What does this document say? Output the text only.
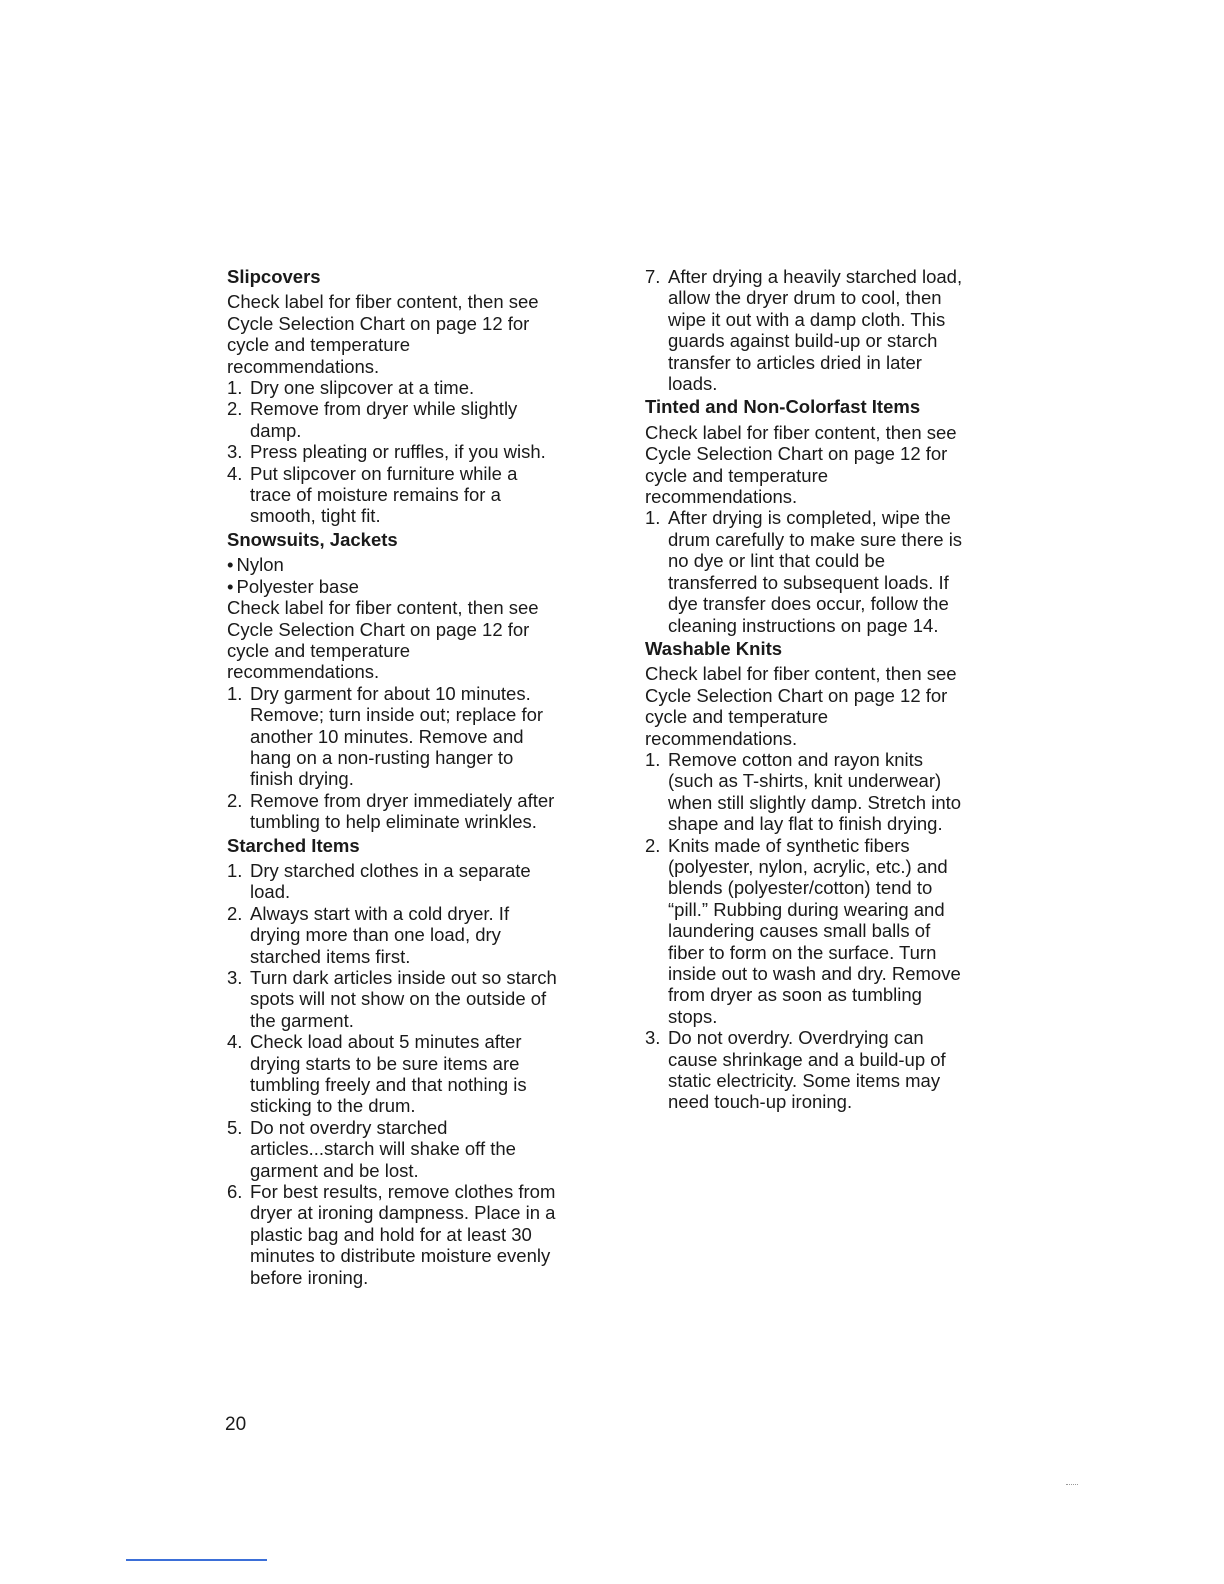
Slipcovers

Check label for fiber content, then see Cycle Selection Chart on page 12 for cycle and temperature recommendations.

1. Dry one slipcover at a time.
2. Remove from dryer while slightly damp.
3. Press pleating or ruffles, if you wish.
4. Put slipcover on furniture while a trace of moisture remains for a smooth, tight fit.
Snowsuits, Jackets
• Nylon
• Polyester base

Check label for fiber content, then see Cycle Selection Chart on page 12 for cycle and temperature recommendations.

1. Dry garment for about 10 minutes. Remove; turn inside out; replace for another 10 minutes. Remove and hang on a non-rusting hanger to finish drying.
2. Remove from dryer immediately after tumbling to help eliminate wrinkles.
Starched Items
1. Dry starched clothes in a separate load.
2. Always start with a cold dryer. If drying more than one load, dry starched items first.
3. Turn dark articles inside out so starch spots will not show on the outside of the garment.
4. Check load about 5 minutes after drying starts to be sure items are tumbling freely and that nothing is sticking to the drum.
5. Do not overdry starched articles...starch will shake off the garment and be lost.
6. For best results, remove clothes from dryer at ironing dampness. Place in a plastic bag and hold for at least 30 minutes to distribute moisture evenly before ironing.
7. After drying a heavily starched load, allow the dryer drum to cool, then wipe it out with a damp cloth. This guards against build-up or starch transfer to articles dried in later loads.
Tinted and Non-Colorfast Items

Check label for fiber content, then see Cycle Selection Chart on page 12 for cycle and temperature recommendations.

1. After drying is completed, wipe the drum carefully to make sure there is no dye or lint that could be transferred to subsequent loads. If dye transfer does occur, follow the cleaning instructions on page 14.
Washable Knits

Check label for fiber content, then see Cycle Selection Chart on page 12 for cycle and temperature recommendations.

1. Remove cotton and rayon knits (such as T-shirts, knit underwear) when still slightly damp. Stretch into shape and lay flat to finish drying.
2. Knits made of synthetic fibers (polyester, nylon, acrylic, etc.) and blends (polyester/cotton) tend to “pill.” Rubbing during wearing and laundering causes small balls of fiber to form on the surface. Turn inside out to wash and dry. Remove from dryer as soon as tumbling stops.
3. Do not overdry. Overdrying can cause shrinkage and a build-up of static electricity. Some items may need touch-up ironing.
20
